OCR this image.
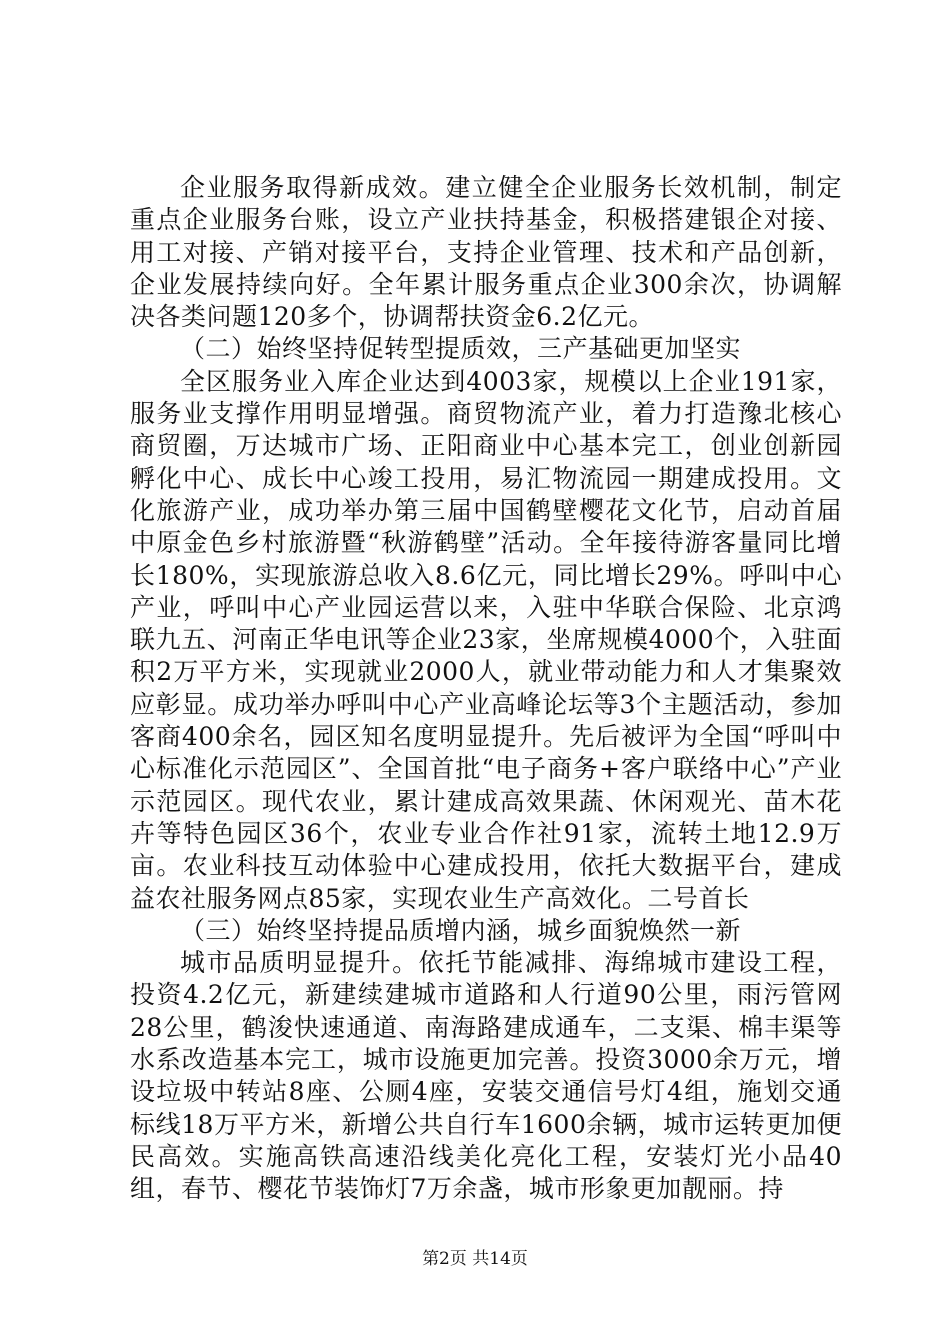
企业服务取得新成效。建立健全企业服务长效机制，制定重点企业服务台账，设立产业扶持基金，积极搭建银企对接、用工对接、产销对接平台，支持企业管理、技术和产品创新，企业发展持续向好。全年累计服务重点企业300余次，协调解决各类问题120多个，协调帮扶资金6.2亿元。

（二）始终坚持促转型提质效，三产基础更加坚实

全区服务业入库企业达到4003家，规模以上企业191家，服务业支撑作用明显增强。商贸物流产业，着力打造豫北核心商贸圈，万达城市广场、正阳商业中心基本完工，创业创新园孵化中心、成长中心竣工投用，易汇物流园一期建成投用。文化旅游产业，成功举办第三届中国鹤壁樱花文化节，启动首届中原金色乡村旅游暨“秋游鹤壁”活动。全年接待游客量同比增长180%，实现旅游总收入8.6亿元，同比增长29%。呼叫中心产业，呼叫中心产业园运营以来，入驻中华联合保险、北京鸿联九五、河南正华电讯等企业23家，坐席规模4000个，入驻面积2万平方米，实现就业2000人，就业带动能力和人才集聚效应彰显。成功举办呼叫中心产业高峰论坛等3个主题活动，参加客商400余名，园区知名度明显提升。先后被评为全国“呼叫中心标准化示范园区”、全国首批“电子商务+客户联络中心”产业示范园区。现代农业，累计建成高效果蔬、休闲观光、苗木花卉等特色园区36个，农业专业合作社91家，流转土地12.9万亩。农业科技互动体验中心建成投用，依托大数据平台，建成益农社服务网点85家，实现农业生产高效化。二号首长

（三）始终坚持提品质增内涵，城乡面貌焕然一新

城市品质明显提升。依托节能减排、海绵城市建设工程，投资4.2亿元，新建续建城市道路和人行道90公里，雨污管网28公里，鹤浚快速通道、南海路建成通车，二支渠、棉丰渠等水系改造基本完工，城市设施更加完善。投资3000余万元，增设垃圾中转站8座、公厕4座，安装交通信号灯4组，施划交通标线18万平方米，新增公共自行车1600余辆，城市运转更加便民高效。实施高铁高速沿线美化亮化工程，安装灯光小品40组，春节、樱花节装饰灯7万余盏，城市形象更加靓丽。持

第2页 共14页
